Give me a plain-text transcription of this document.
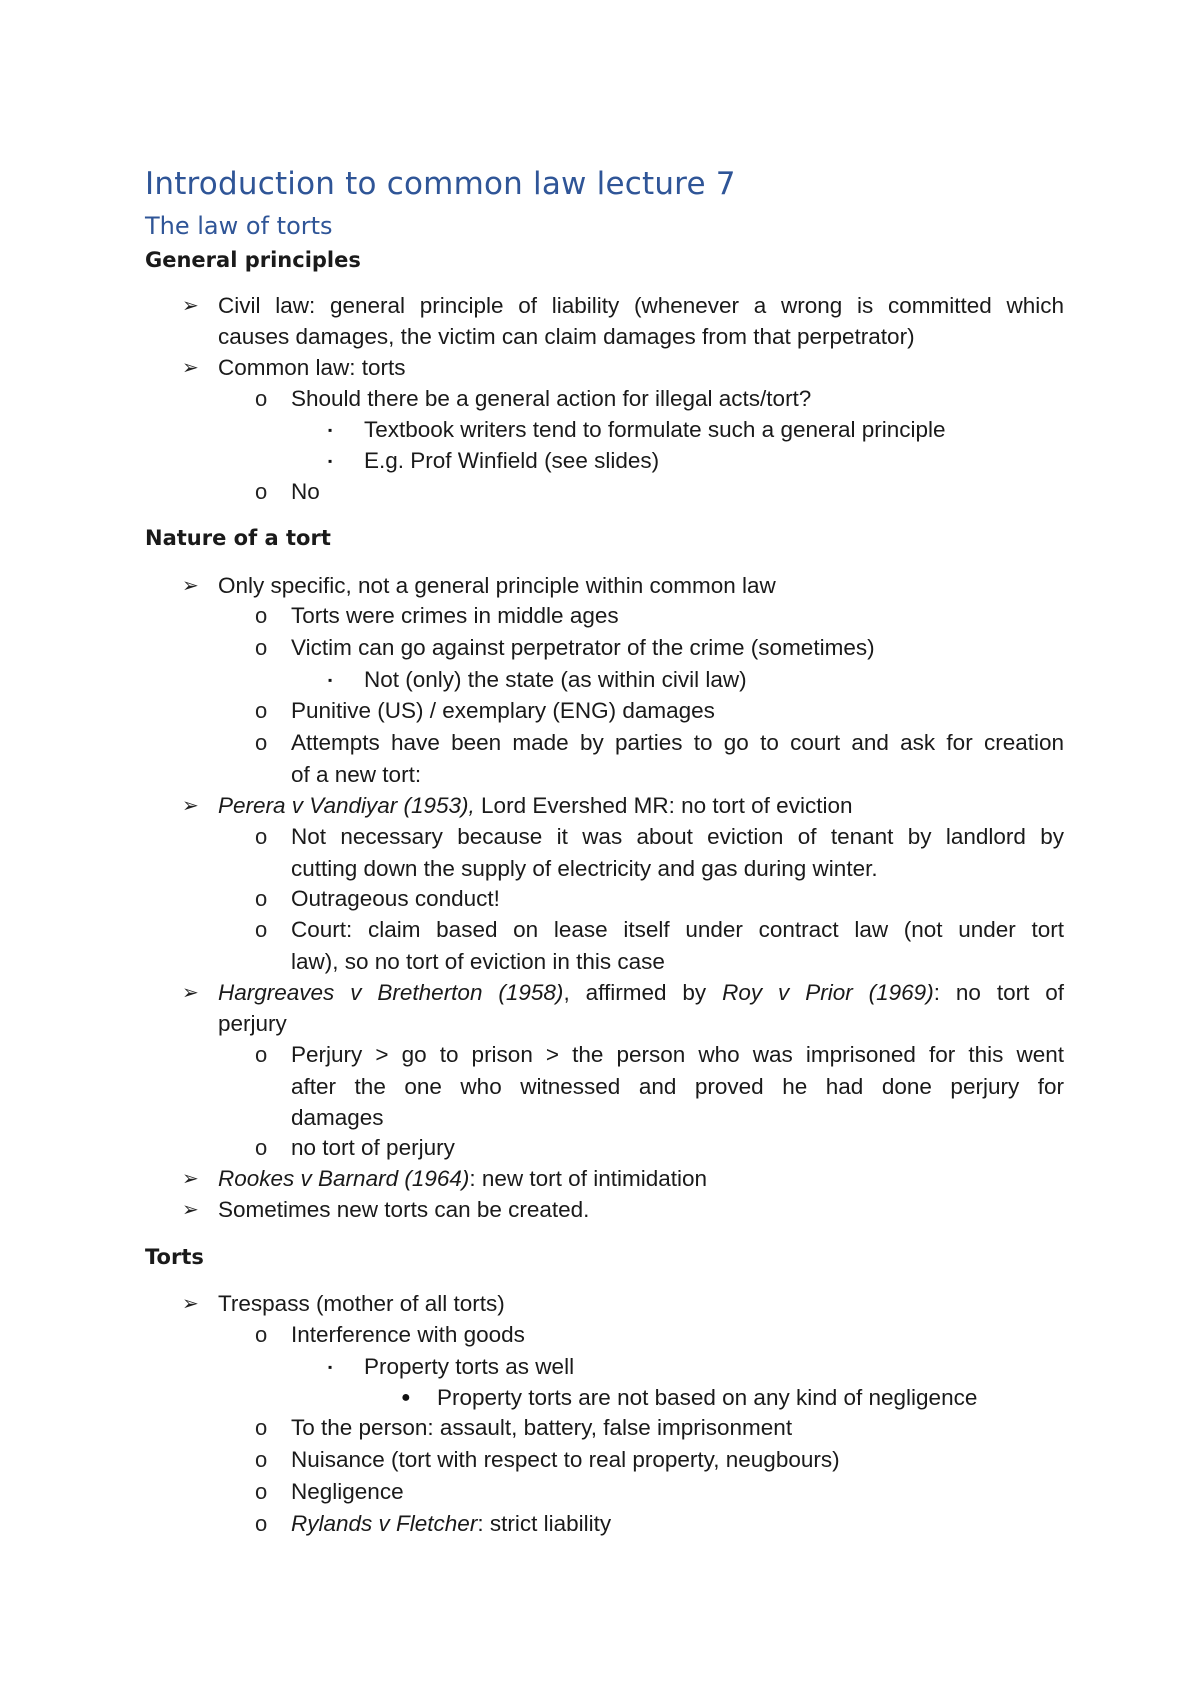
Introduction to common law lecture 7
The law of torts
General principles
➢ Civil law: general principle of liability (whenever a wrong is committed which
causes damages, the victim can claim damages from that perpetrator)
➢ Common law: torts
o Should there be a general action for illegal acts/tort?
▪ Textbook writers tend to formulate such a general principle
▪ E.g. Prof Winfield (see slides)
o No
Nature of a tort
➢ Only specific, not a general principle within common law
o Torts were crimes in middle ages
o Victim can go against perpetrator of the crime (sometimes)
▪ Not (only) the state (as within civil law)
o Punitive (US) / exemplary (ENG) damages
o Attempts have been made by parties to go to court and ask for creation
of a new tort:
➢ Perera v Vandiyar (1953), Lord Evershed MR: no tort of eviction
o Not necessary because it was about eviction of tenant by landlord by
cutting down the supply of electricity and gas during winter.
o Outrageous conduct!
o Court: claim based on lease itself under contract law (not under tort
law), so no tort of eviction in this case
➢ Hargreaves v Bretherton (1958), affirmed by Roy v Prior (1969): no tort of
perjury
o Perjury > go to prison > the person who was imprisoned for this went
after the one who witnessed and proved he had done perjury for
damages
o no tort of perjury
➢ Rookes v Barnard (1964): new tort of intimidation
➢ Sometimes new torts can be created.
Torts
➢ Trespass (mother of all torts)
o Interference with goods
▪ Property torts as well
● Property torts are not based on any kind of negligence
o To the person: assault, battery, false imprisonment
o Nuisance (tort with respect to real property, neugbours)
o Negligence
o Rylands v Fletcher: strict liability
